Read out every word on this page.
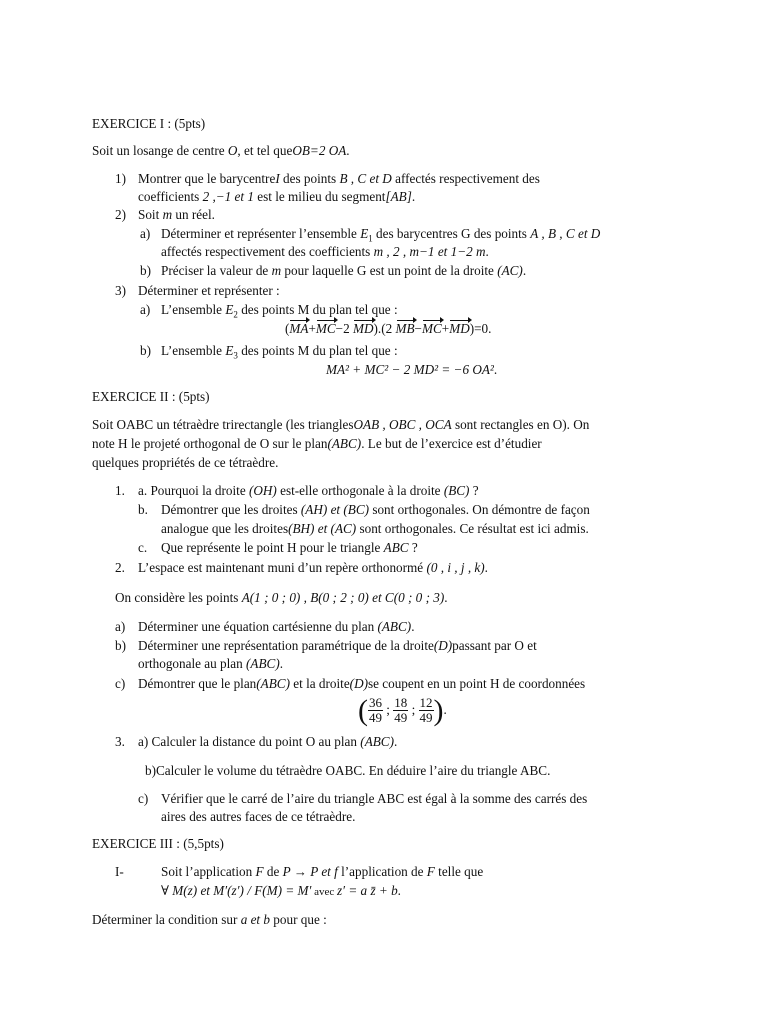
EXERCICE I : (5pts)
Soit un losange de centre O, et tel queOB=2 OA.
1) Montrer que le barycentreI des points B , C et D affectés respectivement des
coefficients 2 ,−1 et 1 est le milieu du segment[AB].
2) Soit m un réel.
a) Déterminer et représenter l’ensemble $E_1$ des barycentres G des points A , B , C et D
affectés respectivement des coefficients m , 2 , m−1 et 1−2 m.
b) Préciser la valeur de m pour laquelle G est un point de la droite (AC).
3) Déterminer et représenter :
a) L’ensemble $E_2$ des points M du plan tel que :
(MA+MC−2 MD).(2 MB−MC+MD)=0.
b) L’ensemble $E_3$ des points M du plan tel que :
MA² + MC² − 2 MD² = −6 OA².
EXERCICE II : (5pts)
Soit OABC un tétraèdre trirectangle (les trianglesOAB , OBC , OCA sont rectangles en O). On
note H le projeté orthogonal de O sur le plan(ABC). Le but de l’exercice est d’étudier
quelques propriétés de ce tétraèdre.
1. a. Pourquoi la droite (OH) est-elle orthogonale à la droite (BC) ?
b. Démontrer que les droites (AH) et (BC) sont orthogonales. On démontre de façon
analogue que les droites(BH) et (AC) sont orthogonales. Ce résultat est ici admis.
c. Que représente le point H pour le triangle ABC ?
2. L’espace est maintenant muni d’un repère orthonormé (0 , i , j , k).
On considère les points A(1 ; 0 ; 0) , B(0 ; 2 ; 0) et C(0 ; 0 ; 3).
a) Déterminer une équation cartésienne du plan (ABC).
b) Déterminer une représentation paramétrique de la droite(D)passant par O et
orthogonale au plan (ABC).
c) Démontrer que le plan(ABC) et la droite(D)se coupent en un point H de coordonnées
( $\frac{36}{49}$ ; $\frac{18}{49}$ ; $\frac{12}{49}$ ).
3. a) Calculer la distance du point O au plan (ABC).
b)Calculer le volume du tétraèdre OABC. En déduire l’aire du triangle ABC.
c) Vérifier que le carré de l’aire du triangle ABC est égal à la somme des carrés des
aires des autres faces de ce tétraèdre.
EXERCICE III : (5,5pts)
I-	Soit l’application F de P → P et f l’application de F telle que
∀ M(z) et M′(z′) / F(M) = M′ avec z′ = a z̄ + b.
Déterminer la condition sur a et b pour que :
